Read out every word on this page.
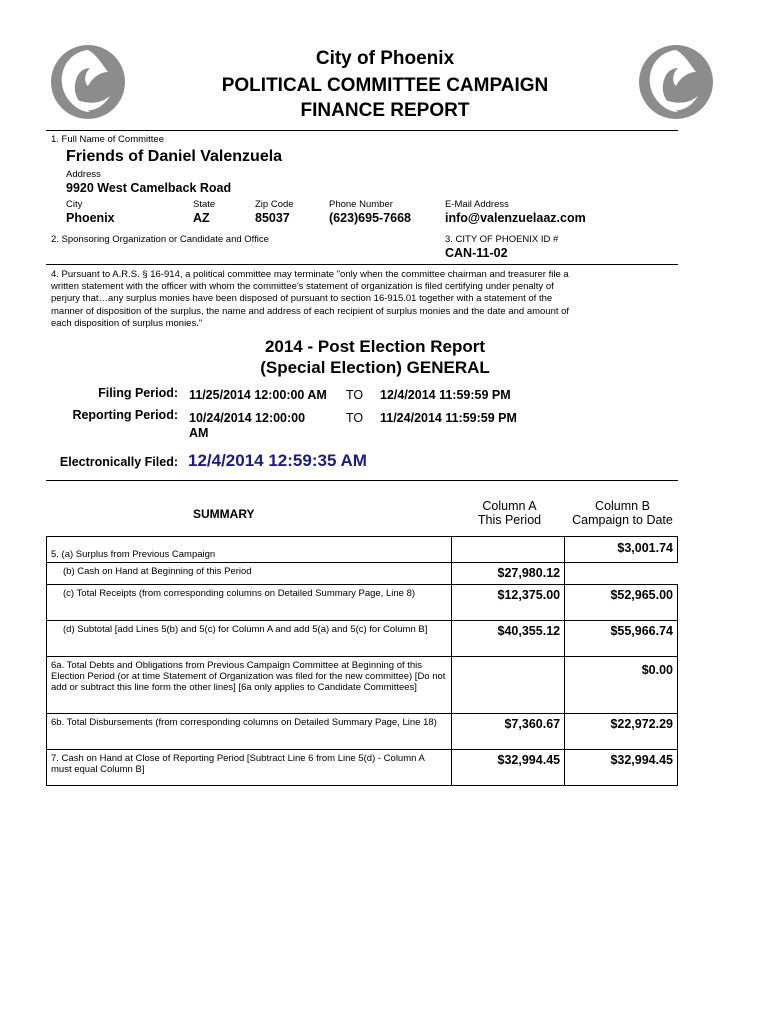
City of Phoenix
POLITICAL COMMITTEE CAMPAIGN
FINANCE REPORT
1. Full Name of Committee
Friends of Daniel Valenzuela
Address
9920 West Camelback Road
City	State	Zip Code	Phone Number	E-Mail Address
Phoenix	AZ	85037	(623)695-7668	info@valenzuelaaz.com
2. Sponsoring Organization or Candidate and Office	3. CITY OF PHOENIX ID #
CAN-11-02
4. Pursuant to A.R.S. § 16-914, a political committee may terminate "only when the committee chairman and treasurer file a
written statement with the officer with whom the committee's statement of organization is filed certifying under penalty of
perjury that…any surplus monies have been disposed of pursuant to section 16-915.01 together with a statement of the
manner of disposition of the surplus, the name and address of each recipient of surplus monies and the date and amount of
each disposition of surplus monies."
2014 - Post Election Report
(Special Election) GENERAL
Filing Period: 11/25/2014 12:00:00 AM TO 12/4/2014 11:59:59 PM
Reporting Period: 10/24/2014 12:00:00
AM
TO 11/24/2014 11:59:59 PM
Electronically Filed: 12/4/2014 12:59:35 AM
SUMMARY
Column A
This Period
Column B
Campaign to Date
5. (a) Surplus from Previous Campaign		$3,001.74
(b) Cash on Hand at Beginning of this Period	$27,980.12	
(c) Total Receipts (from corresponding columns on Detailed Summary Page, Line 8)	$12,375.00	$52,965.00
(d) Subtotal [add Lines 5(b) and 5(c) for Column A and add 5(a) and 5(c) for Column B]	$40,355.12	$55,966.74
6a. Total Debts and Obligations from Previous Campaign Committee at Beginning of this Election Period (or at time Statement of Organization was filed for the new committee) [Do not add or subtract this line form the other lines] [6a only applies to Candidate Committees]		$0.00
6b. Total Disbursements (from corresponding columns on Detailed Summary Page, Line 18)	$7,360.67	$22,972.29
7. Cash on Hand at Close of Reporting Period [Subtract Line 6 from Line 5(d) - Column A must equal Column B]	$32,994.45	$32,994.45
